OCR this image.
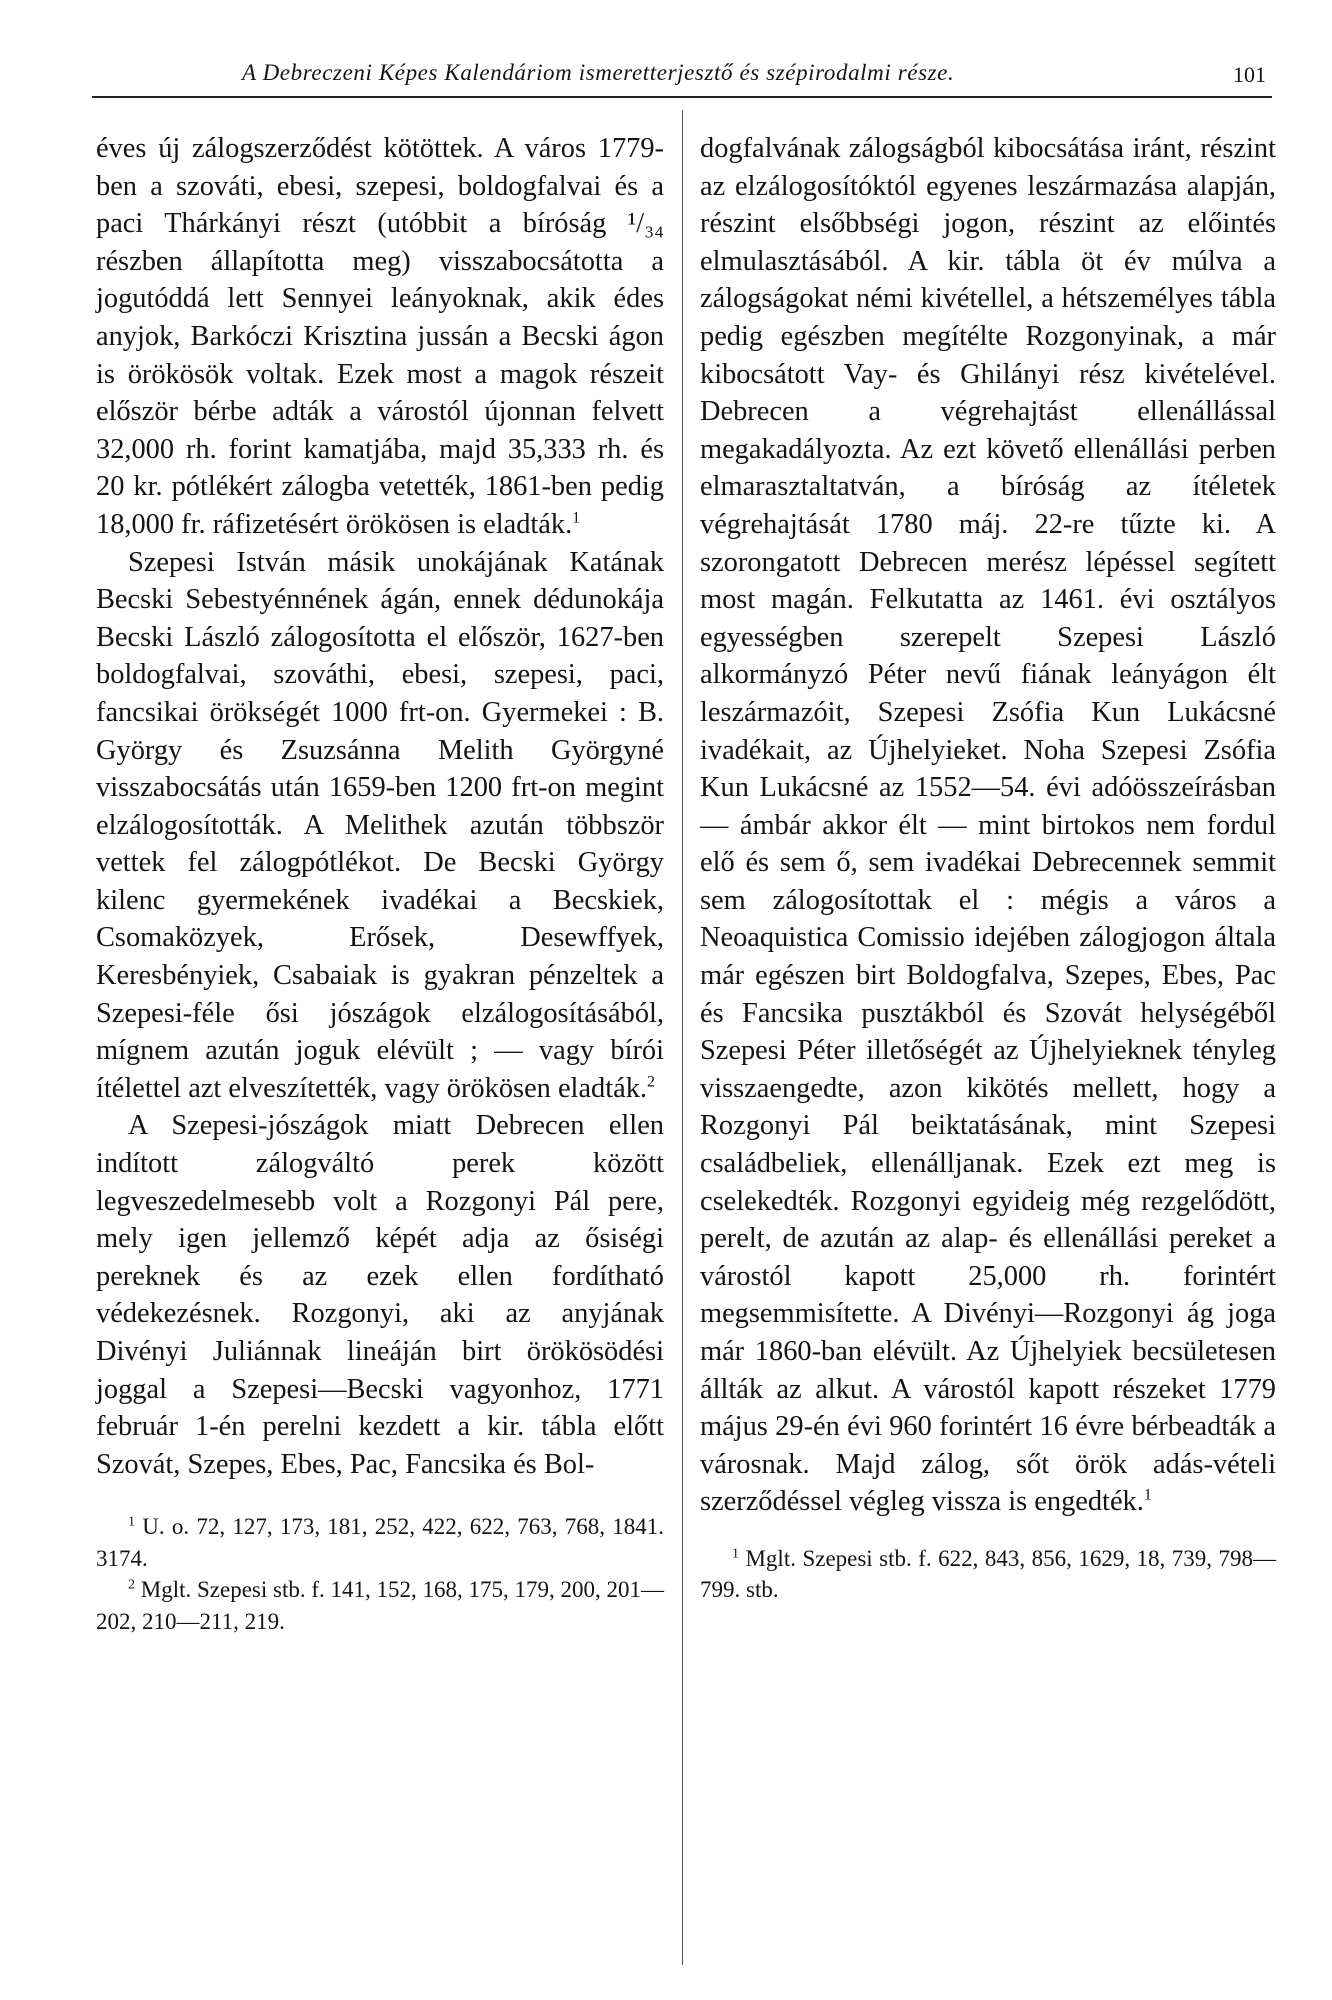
A Debreczeni Képes Kalendáriom ismeretterjesztő és szépirodalmi része.	101

éves új zálogszerződést kötöttek. A város 1779-ben a szováti, ebesi, szepesi, boldogfalvai és a paci Thárkányi részt (utóbbit a bíróság ¹/₃₄ részben állapította meg) visszabocsátotta a jogutóddá lett Sennyei leányoknak, akik édes anyjok, Barkóczi Krisztina jussán a Becski ágon is örökösök voltak. Ezek most a magok részeit először bérbe adták a várostól újonnan felvett 32,000 rh. forint kamatjába, majd 35,333 rh. és 20 kr. pótlékért zálogba vetették, 1861-ben pedig 18,000 fr. ráfizetésért örökösen is eladták.$^1$

Szepesi István másik unokájának Katának Becski Sebestyénnének ágán, ennek dédunokája Becski László zálogosította el először, 1627-ben boldogfalvai, szováthi, ebesi, szepesi, paci, fancsikai örökségét 1000 frt-on. Gyermekei : B. György és Zsuzsánna Melith Györgyné visszabocsátás után 1659-ben 1200 frt-on megint elzálogosították. A Melithek azután többször vettek fel zálogpótlékot. De Becski György kilenc gyermekének ivadékai a Becskiek, Csomaközyek, Erősek, Desewffyek, Keresbényiek, Csabaiak is gyakran pénzeltek a Szepesi-féle ősi jószágok elzálogosításából, mígnem azután joguk elévült ; — vagy bírói ítélettel azt elveszítették, vagy örökösen eladták.$^2$

A Szepesi-jószágok miatt Debrecen ellen indított zálogváltó perek között legveszedelmesebb volt a Rozgonyi Pál pere, mely igen jellemző képét adja az ősiségi pereknek és az ezek ellen fordítható védekezésnek. Rozgonyi, aki az anyjának Divényi Juliánnak lineáján birt örökösödési joggal a Szepesi—Becski vagyonhoz, 1771 február 1-én perelni kezdett a kir. tábla előtt Szovát, Szepes, Ebes, Pac, Fancsika és Bol-

$^1$ U. o. 72, 127, 173, 181, 252, 422, 622, 763, 768, 1841. 3174.

$^2$ Mglt. Szepesi stb. f. 141, 152, 168, 175, 179, 200, 201—202, 210—211, 219.

dogfalvának zálogságból kibocsátása iránt, részint az elzálogosítóktól egyenes leszármazása alapján, részint elsőbbségi jogon, részint az előintés elmulasztásából. A kir. tábla öt év múlva a zálogságokat némi kivétellel, a hétszemélyes tábla pedig egészben megítélte Rozgonyinak, a már kibocsátott Vay- és Ghilányi rész kivételével. Debrecen a végrehajtást ellenállással megakadályozta. Az ezt követő ellenállási perben elmarasztaltatván, a bíróság az ítéletek végrehajtását 1780 máj. 22-re tűzte ki. A szorongatott Debrecen merész lépéssel segített most magán. Felkutatta az 1461. évi osztályos egyességben szerepelt Szepesi László alkormányzó Péter nevű fiának leányágon élt leszármazóit, Szepesi Zsófia Kun Lukácsné ivadékait, az Újhelyieket. Noha Szepesi Zsófia Kun Lukácsné az 1552—54. évi adóösszeírásban — ámbár akkor élt — mint birtokos nem fordul elő és sem ő, sem ivadékai Debrecennek semmit sem zálogosítottak el : mégis a város a Neoaquistica Comissio idejében zálogjogon általa már egészen birt Boldogfalva, Szepes, Ebes, Pac és Fancsika pusztákból és Szovát helységéből Szepesi Péter illetőségét az Újhelyieknek tényleg visszaengedte, azon kikötés mellett, hogy a Rozgonyi Pál beiktatásának, mint Szepesi családbeliek, ellenálljanak. Ezek ezt meg is cselekedték. Rozgonyi egyideig még rezgelődött, perelt, de azután az alap- és ellenállási pereket a várostól kapott 25,000 rh. forintért megsemmisítette. A Divényi—Rozgonyi ág joga már 1860-ban elévült. Az Újhelyiek becsületesen állták az alkut. A várostól kapott részeket 1779 május 29-én évi 960 forintért 16 évre bérbeadták a városnak. Majd zálog, sőt örök adás-vételi szerződéssel végleg vissza is engedték.$^1$

$^1$ Mglt. Szepesi stb. f. 622, 843, 856, 1629, 18, 739, 798—799. stb.
